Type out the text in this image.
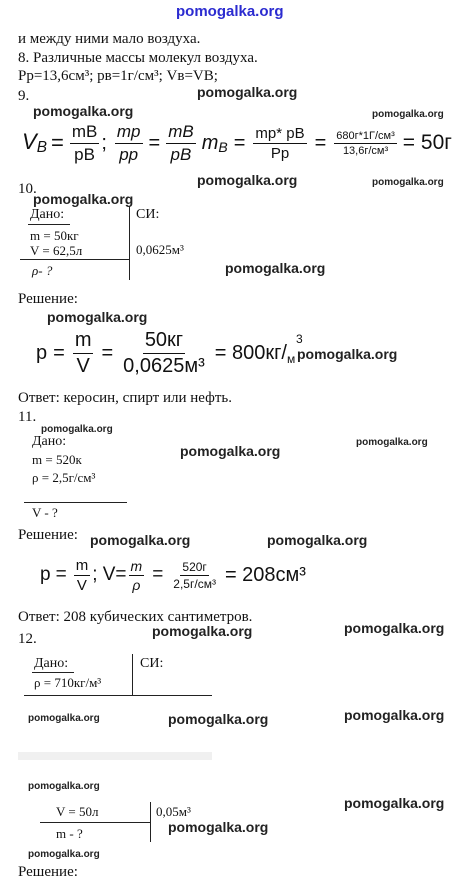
pomogalka.org
и между ними мало воздуха.
8. Различные массы молекул воздуха.
Pр=13,6см³; pв=1г/см³; Vв=VВ;
9.	pomogalka.org
pomogalka.org	pomogalka.org
VB = $\frac{mB}{pB}$ ; $\frac{mp}{pp} = \frac{mB}{pB} m_B = \frac{mp* pB}{Pp} = \frac{\text{680г*1Г/см³}}{\text{13,6г/см³}} = 50г$
pomogalka.org	pomogalka.org
10.
pomogalka.org
Дано:	СИ:
m = 50кг
V = 62,5л	0,0625м³
ρ- ?	pomogalka.org
Решение:
pomogalka.org
$p = \frac{m}{V} = \frac{50кг}{\text{0,0625м³}} = 800кг/$ м
3
pomogalka.org
Ответ: керосин, спирт или нефть.
11.
pomogalka.org
Дано:
pomogalka.org
pomogalka.org
m = 520к
ρ = 2,5г/см³
V - ?
Решение: pomogalka.org	pomogalka.org
$p = \frac{m}{V}$ ; $V= \frac{m}{\rho} = \frac{520г}{\text{2,5г/см³}} = 208см^3$
Ответ: 208 кубических сантиметров.
pomogalka.org	pomogalka.org
12.
Дано:	СИ:
ρ = 710кг/м³
pomogalka.org	pomogalka.org	pomogalka.org
pomogalka.org
pomogalka.org
V = 50л	0,05м³
m - ?	pomogalka.org
pomogalka.org
Решение:
